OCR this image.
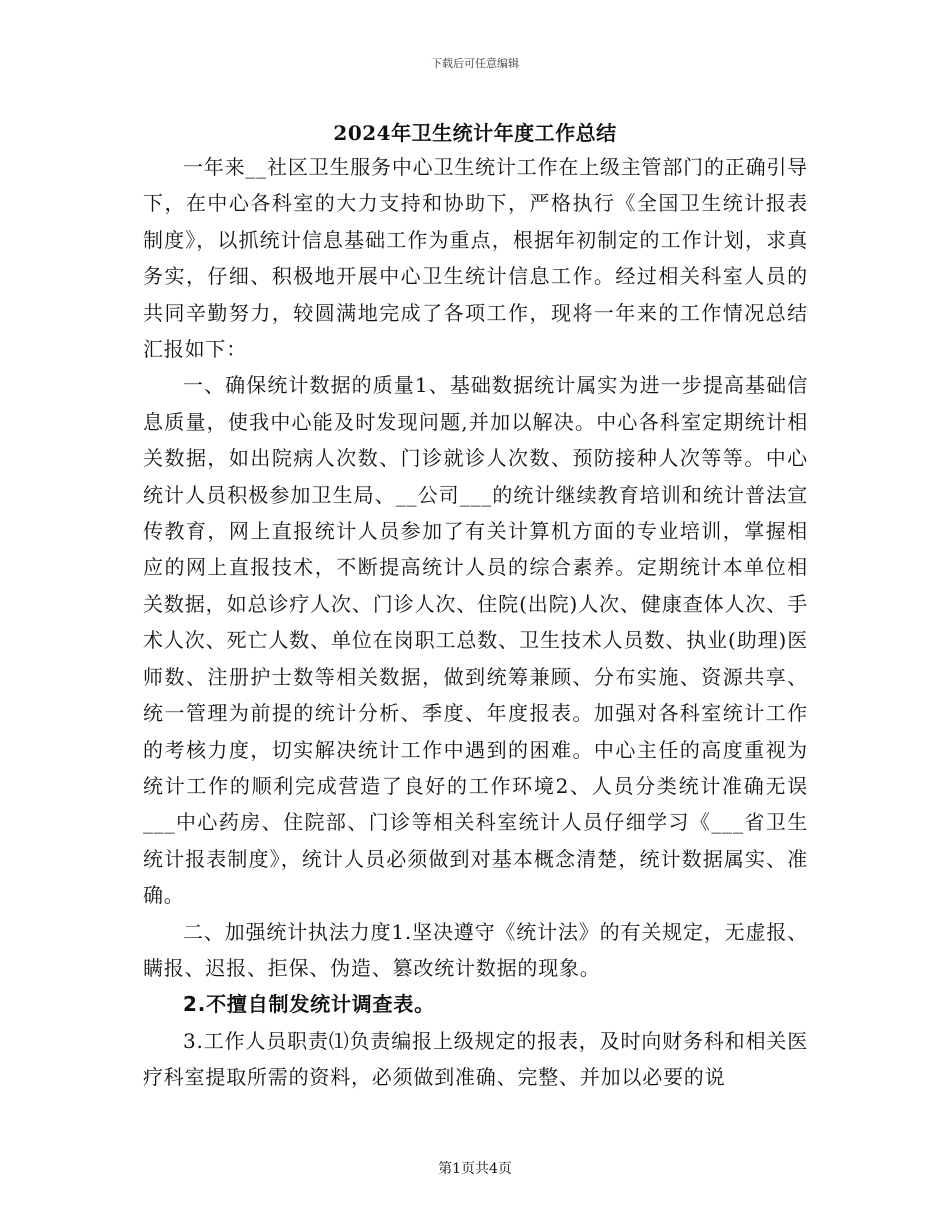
下载后可任意编辑
2024年卫生统计年度工作总结

一年来__社区卫生服务中心卫生统计工作在上级主管部门的正确引导下，在中心各科室的大力支持和协助下，严格执行《全国卫生统计报表制度》，以抓统计信息基础工作为重点，根据年初制定的工作计划，求真务实，仔细、积极地开展中心卫生统计信息工作。经过相关科室人员的共同辛勤努力，较圆满地完成了各项工作，现将一年来的工作情况总结汇报如下：

一、确保统计数据的质量1、基础数据统计属实为进一步提高基础信息质量，使我中心能及时发现问题,并加以解决。中心各科室定期统计相关数据，如出院病人次数、门诊就诊人次数、预防接种人次等等。中心统计人员积极参加卫生局、__公司___的统计继续教育培训和统计普法宣传教育，网上直报统计人员参加了有关计算机方面的专业培训，掌握相应的网上直报技术，不断提高统计人员的综合素养。定期统计本单位相关数据，如总诊疗人次、门诊人次、住院(出院)人次、健康查体人次、手术人次、死亡人数、单位在岗职工总数、卫生技术人员数、执业(助理)医师数、注册护士数等相关数据，做到统筹兼顾、分布实施、资源共享、统一管理为前提的统计分析、季度、年度报表。加强对各科室统计工作的考核力度，切实解决统计工作中遇到的困难。中心主任的高度重视为统计工作的顺利完成营造了良好的工作环境2、人员分类统计准确无误___中心药房、住院部、门诊等相关科室统计人员仔细学习《___省卫生统计报表制度》，统计人员必须做到对基本概念清楚，统计数据属实、准确。

二、加强统计执法力度1.坚决遵守《统计法》的有关规定，无虚报、瞒报、迟报、拒保、伪造、篡改统计数据的现象。

2.不擅自制发统计调查表。

3.工作人员职责⑴负责编报上级规定的报表，及时向财务科和相关医疗科室提取所需的资料，必须做到准确、完整、并加以必要的说

第1页共4页
